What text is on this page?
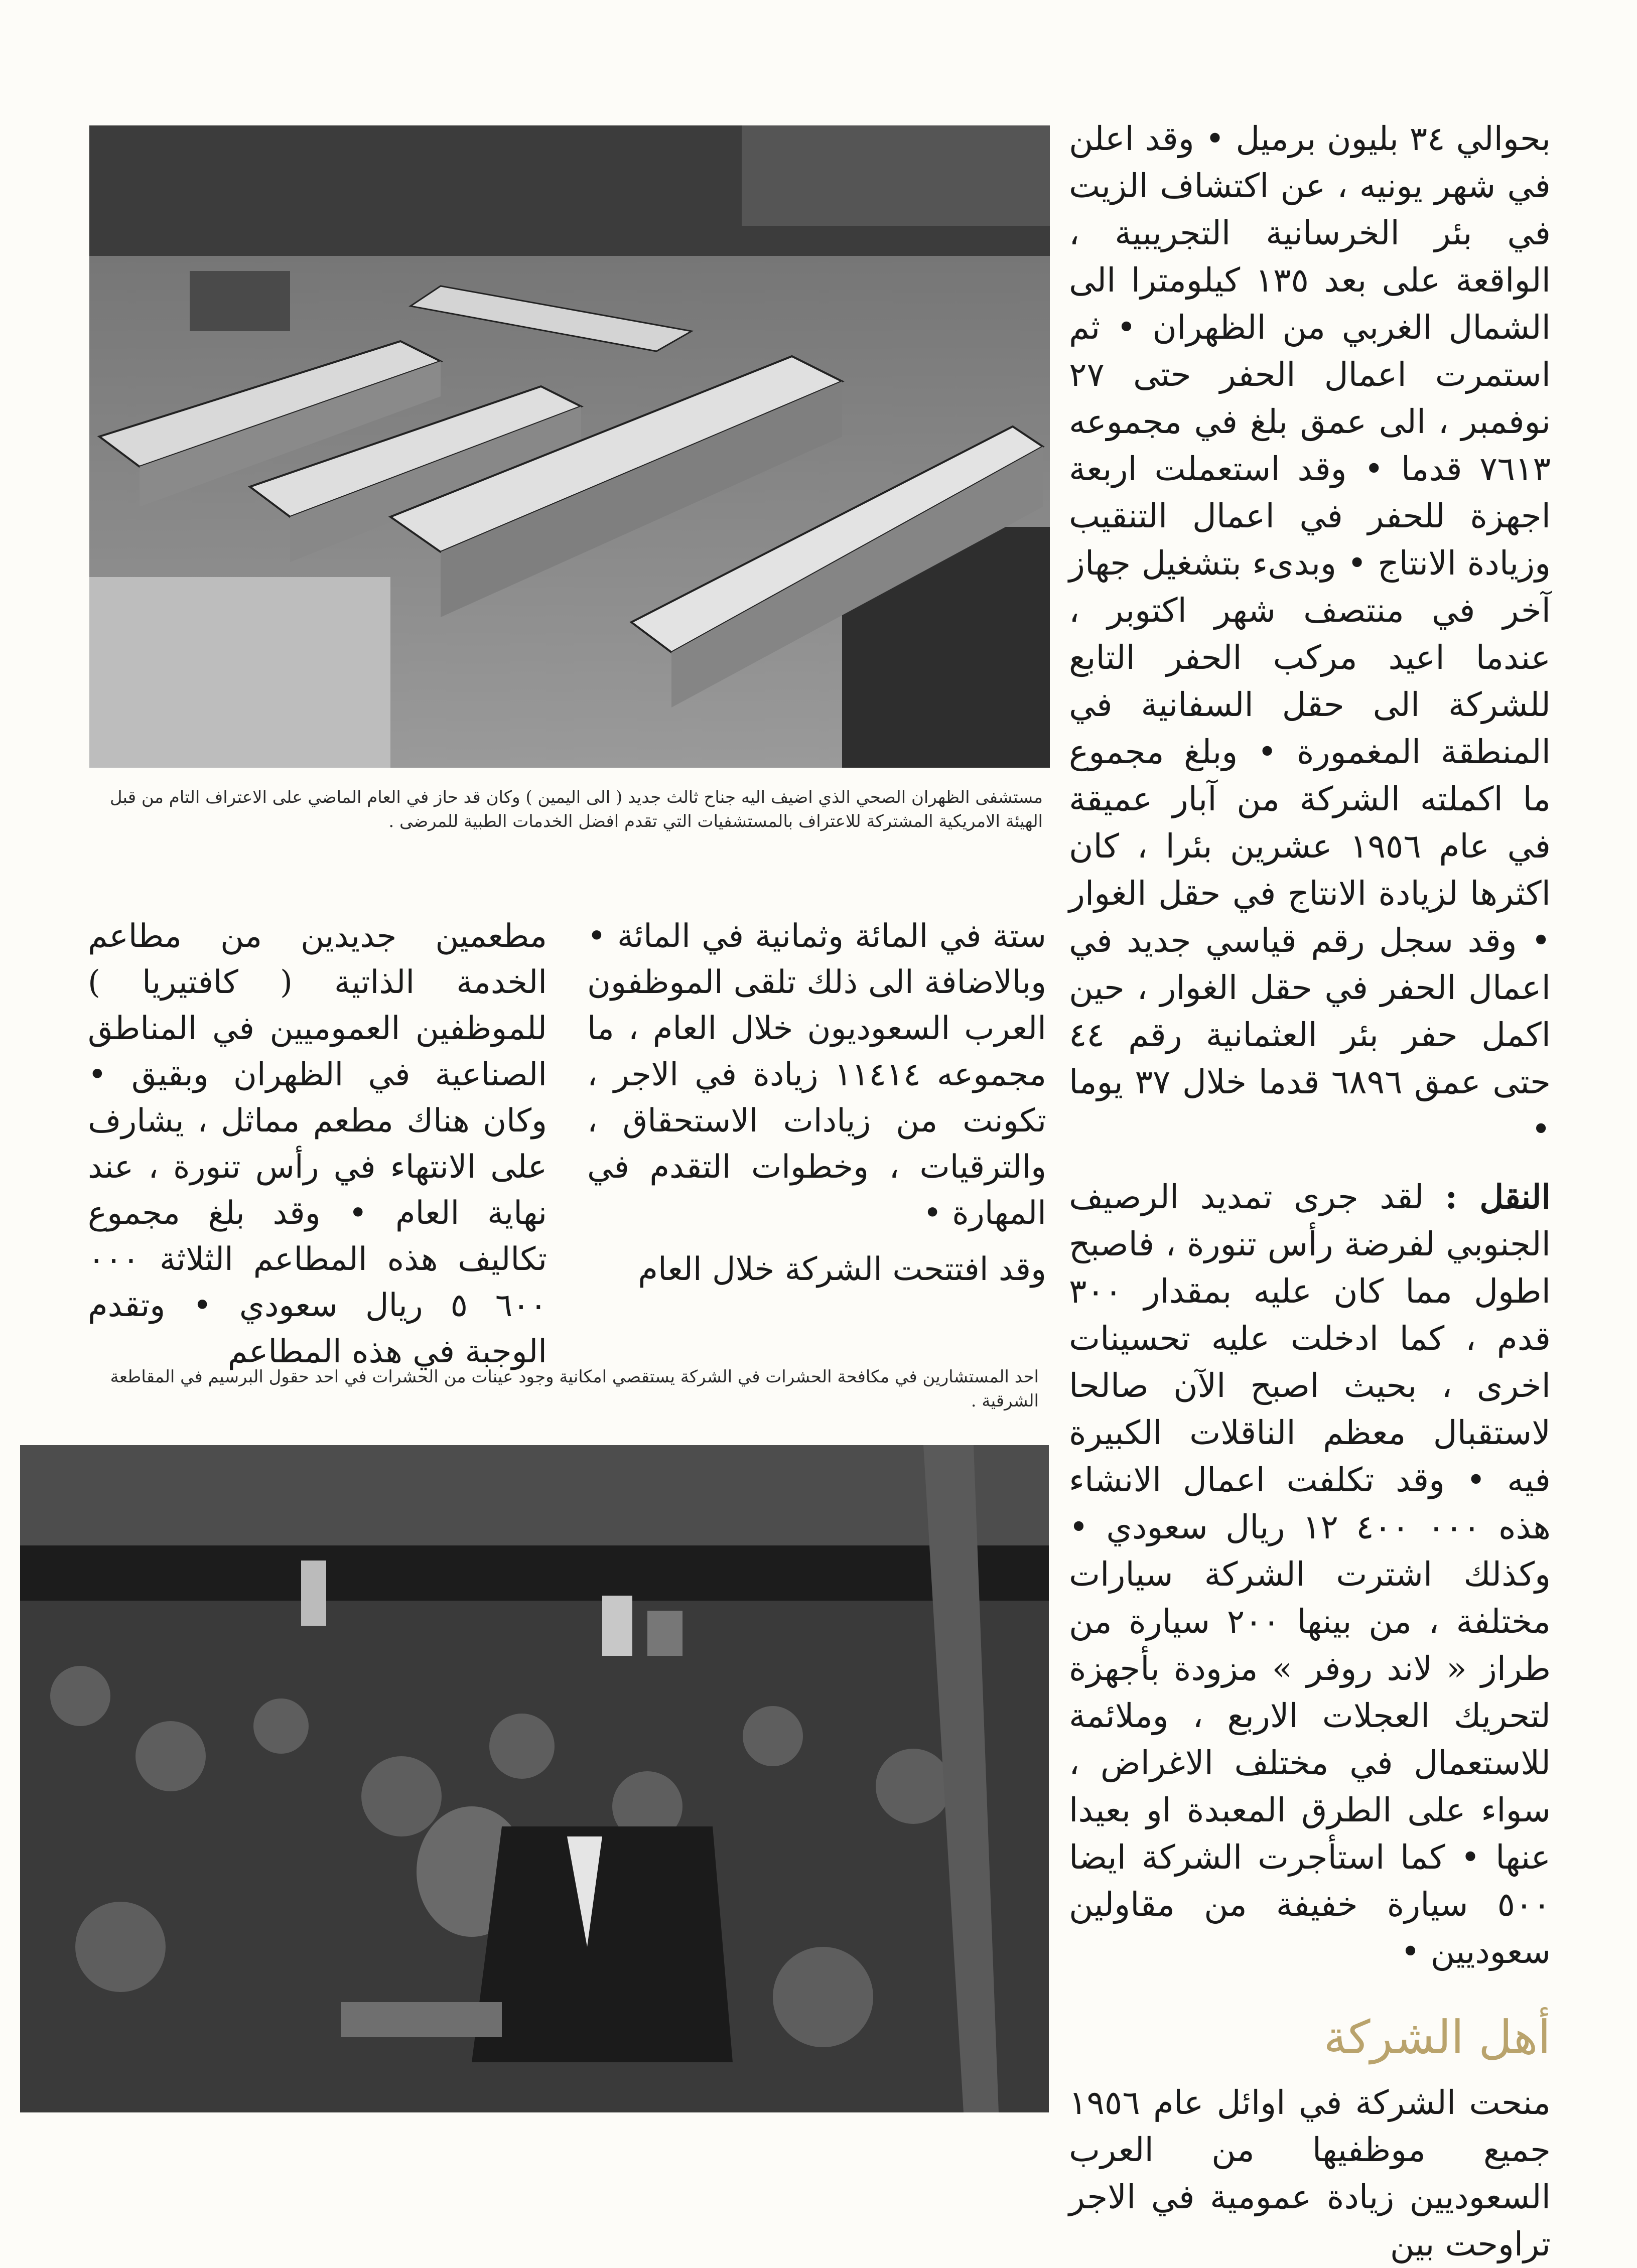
مستشفى الظهران الصحي الذي اضيف اليه جناح ثالث جديد ( الى اليمين ) وكان قد حاز في العام الماضي على الاعتراف التام من قبل الهيئة الامريكية المشتركة للاعتراف بالمستشفيات التي تقدم افضل الخدمات الطبية للمرضى .

ستة في المائة وثمانية في المائة • وبالاضافة الى ذلك تلقى الموظفون العرب السعوديون خلال العام ، ما مجموعه ١١٤١٤ زيادة في الاجر ، تكونت من زيادات الاستحقاق ، والترقيات ، وخطوات التقدم في المهارة •

وقد افتتحت الشركة خلال العام

مطعمين جديدين من مطاعم الخدمة الذاتية ( كافتيريا ) للموظفين العموميين في المناطق الصناعية في الظهران وبقيق • وكان هناك مطعم مماثل ، يشارف على الانتهاء في رأس تنورة ، عند نهاية العام • وقد بلغ مجموع تكاليف هذه المطاعم الثلاثة ٠٠٠ ٦٠٠ ٥ ريال سعودي • وتقدم الوجبة في هذه المطاعم

احد المستشارين في مكافحة الحشرات في الشركة يستقصي امكانية وجود عينات من الحشرات في احد حقول البرسيم في المقاطعة الشرقية .

بحوالي ٣٤ بليون برميل • وقد اعلن في شهر يونيه ، عن اكتشاف الزيت في بئر الخرسانية التجريبية ، الواقعة على بعد ١٣٥ كيلومترا الى الشمال الغربي من الظهران • ثم استمرت اعمال الحفر حتى ٢٧ نوفمبر ، الى عمق بلغ في مجموعه ٧٦١٣ قدما • وقد استعملت اربعة اجهزة للحفر في اعمال التنقيب وزيادة الانتاج • وبدىء بتشغيل جهاز آخر في منتصف شهر اكتوبر ، عندما اعيد مركب الحفر التابع للشركة الى حقل السفانية في المنطقة المغمورة • وبلغ مجموع ما اكملته الشركة من آبار عميقة في عام ١٩٥٦ عشرين بئرا ، كان اكثرها لزيادة الانتاج في حقل الغوار • وقد سجل رقم قياسي جديد في اعمال الحفر في حقل الغوار ، حين اكمل حفر بئر العثمانية رقم ٤٤ حتى عمق ٦٨٩٦ قدما خلال ٣٧ يوما •

النقل : لقد جرى تمديد الرصيف الجنوبي لفرضة رأس تنورة ، فاصبح اطول مما كان عليه بمقدار ٣٠٠ قدم ، كما ادخلت عليه تحسينات اخرى ، بحيث اصبح الآن صالحا لاستقبال معظم الناقلات الكبيرة فيه • وقد تكلفت اعمال الانشاء هذه ٠٠٠ ٤٠٠ ١٢ ريال سعودي • وكذلك اشترت الشركة سيارات مختلفة ، من بينها ٢٠٠ سيارة من طراز « لاند روفر » مزودة بأجهزة لتحريك العجلات الاربع ، وملائمة للاستعمال في مختلف الاغراض ، سواء على الطرق المعبدة او بعيدا عنها • كما استأجرت الشركة ايضا ٥٠٠ سيارة خفيفة من مقاولين سعوديين •

أهل الشركة

منحت الشركة في اوائل عام ١٩٥٦ جميع موظفيها من العرب السعوديين زيادة عمومية في الاجر تراوحت بين
